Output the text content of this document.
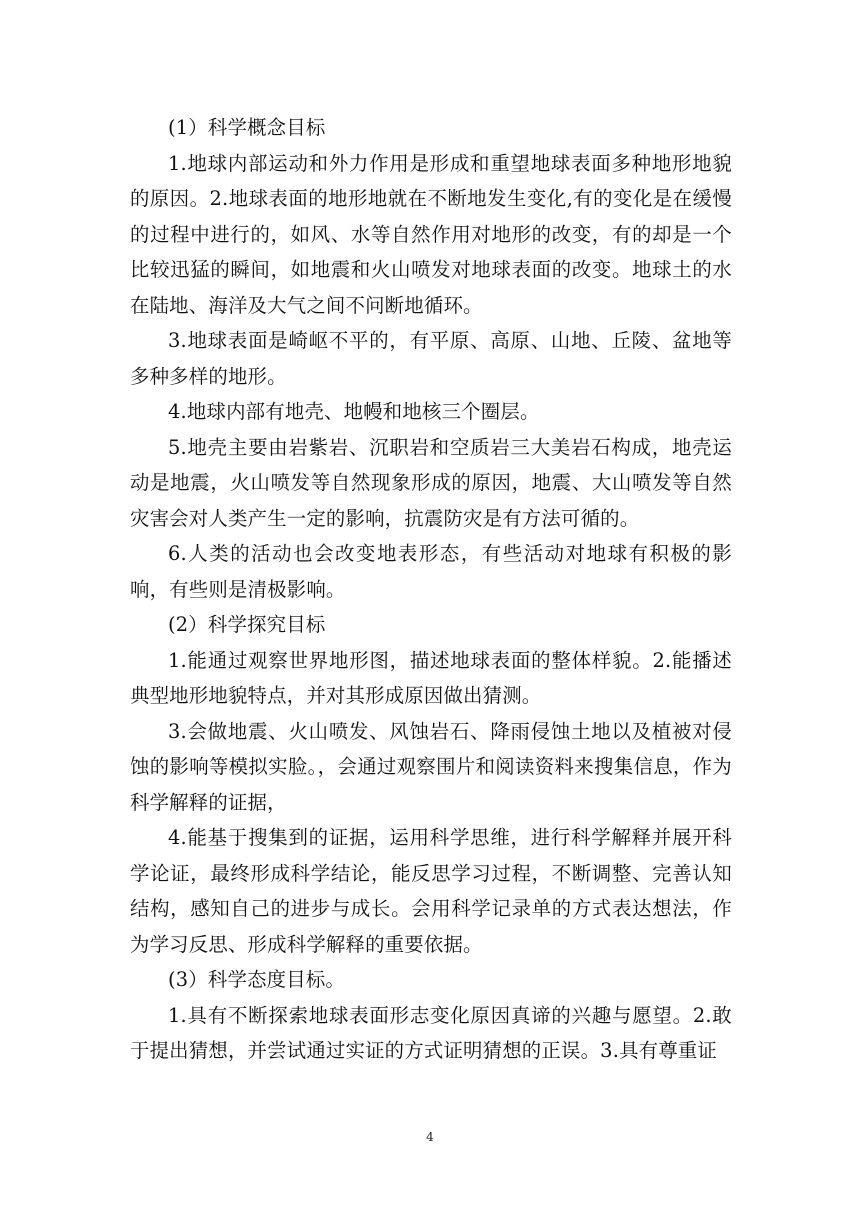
(1）科学概念目标

1.地球内部运动和外力作用是形成和重望地球表面多种地形地貌的原因。2.地球表面的地形地就在不断地发生变化,有的变化是在缓慢的过程中进行的，如风、水等自然作用对地形的改变，有的却是一个比较迅猛的瞬间，如地震和火山喷发对地球表面的改变。地球土的水在陆地、海洋及大气之间不问断地循环。

3.地球表面是崎岖不平的，有平原、高原、山地、丘陵、盆地等多种多样的地形。

4.地球内部有地壳、地幔和地核三个圈层。

5.地壳主要由岩紫岩、沉职岩和空质岩三大美岩石构成，地壳运动是地震，火山喷发等自然现象形成的原因，地震、大山喷发等自然灾害会对人类产生一定的影响，抗震防灾是有方法可循的。

6.人类的活动也会改变地表形态，有些活动对地球有积极的影响，有些则是清极影响。

(2）科学探究目标

1.能通过观察世界地形图，描述地球表面的整体样貌。2.能播述典型地形地貌特点，并对其形成原因做出猜测。

3.会做地震、火山喷发、风蚀岩石、降雨侵蚀土地以及植被对侵蚀的影响等模拟实脸。，会通过观察围片和阅读资料来搜集信息，作为科学解释的证据，

4.能基于搜集到的证据，运用科学思维，进行科学解释并展开科学论证，最终形成科学结论，能反思学习过程，不断调整、完善认知结构，感知自己的进步与成长。会用科学记录单的方式表达想法，作为学习反思、形成科学解释的重要依据。

(3）科学态度目标。

1.具有不断探索地球表面形志变化原因真谛的兴趣与愿望。2.敢于提出猜想，并尝试通过实证的方式证明猜想的正误。3.具有尊重证

4
